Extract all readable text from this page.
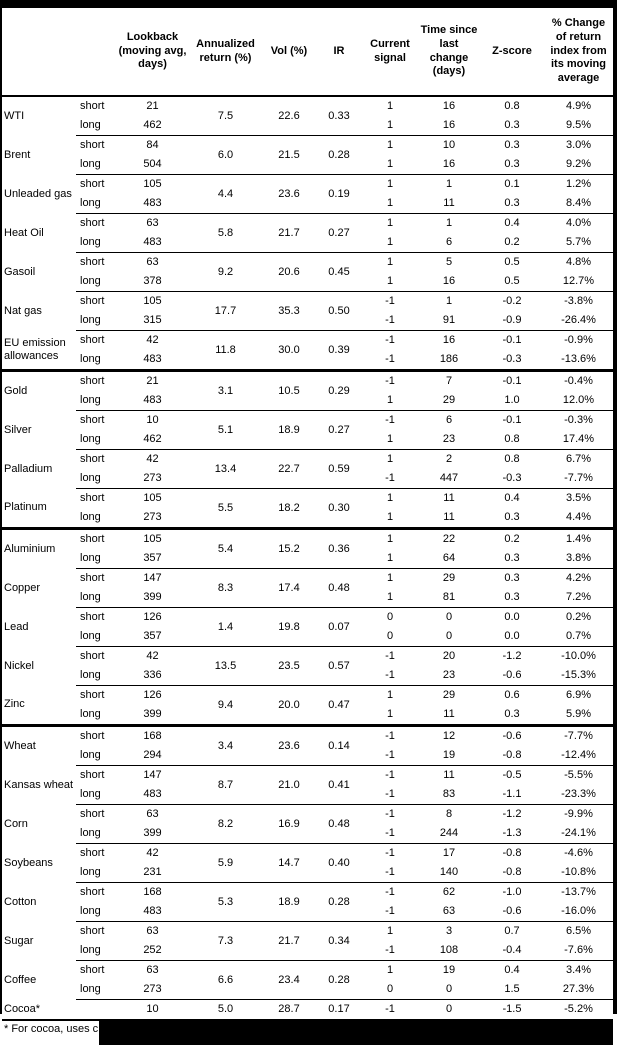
		Lookback (moving avg, days)	Annualized return (%)	Vol (%)	IR	Current signal	Time since last change (days)	Z-score	% Change of return index from its moving average
WTI	short	21	7.5	22.6	0.33	1	16	0.8	4.9%
	long	462				1	16	0.3	9.5%
Brent	short	84	6.0	21.5	0.28	1	10	0.3	3.0%
	long	504				1	16	0.3	9.2%
Unleaded gas	short	105	4.4	23.6	0.19	1	1	0.1	1.2%
	long	483				1	11	0.3	8.4%
Heat Oil	short	63	5.8	21.7	0.27	1	1	0.4	4.0%
	long	483				1	6	0.2	5.7%
Gasoil	short	63	9.2	20.6	0.45	1	5	0.5	4.8%
	long	378				1	16	0.5	12.7%
Nat gas	short	105	17.7	35.3	0.50	-1	1	-0.2	-3.8%
	long	315				-1	91	-0.9	-26.4%
EU emission allowances	short	42	11.8	30.0	0.39	-1	16	-0.1	-0.9%
	long	483				-1	186	-0.3	-13.6%
Gold	short	21	3.1	10.5	0.29	-1	7	-0.1	-0.4%
	long	483				1	29	1.0	12.0%
Silver	short	10	5.1	18.9	0.27	-1	6	-0.1	-0.3%
	long	462				1	23	0.8	17.4%
Palladium	short	42	13.4	22.7	0.59	1	2	0.8	6.7%
	long	273				-1	447	-0.3	-7.7%
Platinum	short	105	5.5	18.2	0.30	1	11	0.4	3.5%
	long	273				1	11	0.3	4.4%
Aluminium	short	105	5.4	15.2	0.36	1	22	0.2	1.4%
	long	357				1	64	0.3	3.8%
Copper	short	147	8.3	17.4	0.48	1	29	0.3	4.2%
	long	399				1	81	0.3	7.2%
Lead	short	126	1.4	19.8	0.07	0	0	0.0	0.2%
	long	357				0	0	0.0	0.7%
Nickel	short	42	13.5	23.5	0.57	-1	20	-1.2	-10.0%
	long	336				-1	23	-0.6	-15.3%
Zinc	short	126	9.4	20.0	0.47	1	29	0.6	6.9%
	long	399				1	11	0.3	5.9%
Wheat	short	168	3.4	23.6	0.14	-1	12	-0.6	-7.7%
	long	294				-1	19	-0.8	-12.4%
Kansas wheat	short	147	8.7	21.0	0.41	-1	11	-0.5	-5.5%
	long	483				-1	83	-1.1	-23.3%
Corn	short	63	8.2	16.9	0.48	-1	8	-1.2	-9.9%
	long	399				-1	244	-1.3	-24.1%
Soybeans	short	42	5.9	14.7	0.40	-1	17	-0.8	-4.6%
	long	231				-1	140	-0.8	-10.8%
Cotton	short	168	5.3	18.9	0.28	-1	62	-1.0	-13.7%
	long	483				-1	63	-0.6	-16.0%
Sugar	short	63	7.3	21.7	0.34	1	3	0.7	6.5%
	long	252				-1	108	-0.4	-7.6%
Coffee	short	63	6.6	23.4	0.28	1	19	0.4	3.4%
	long	273				0	0	1.5	27.3%
Cocoa*		10	5.0	28.7	0.17	-1	0	-1.5	-5.2%
* For cocoa, uses c
